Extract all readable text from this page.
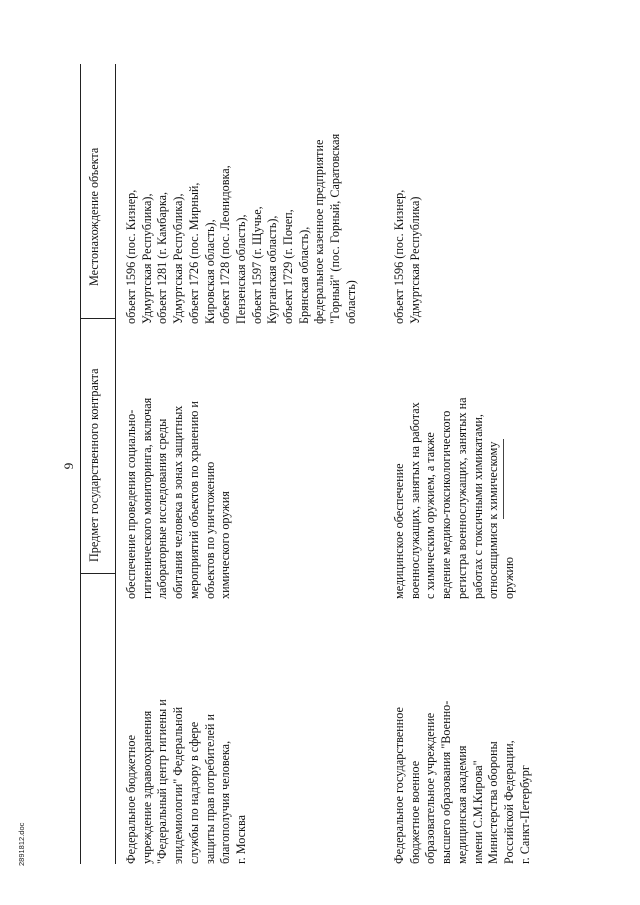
9 Предмет государственного контракта
Местонахождение объекта
Федеральное бюджетное учреждение здравоохранения "Федеральный центр гигиены и эпидемиологии" Федеральной службы по надзору в сфере защиты прав потребителей и благополучия человека, г. Москва
обеспечение проведения социально- гигиенического мониторинга, включая лабораторные исследования среды обитания человека в зонах защитных мероприятий объектов по хранению и объектов по уничтожению химического оружия
объект 1596 (пос. Кизнер, Удмуртская Республика), объект 1281 (г. Камбарка, Удмуртская Республика), объект 1726 (пос. Мирный, Кировская область), объект 1728 (пос. Леонидовка, Пензенская область), объект 1597 (г. Щучье, Курганская область), объект 1729 (г. Почеп, Брянская область), федеральное казенное предприятие "Горный" (пос. Горный, Саратовская область)
Федеральное государственное бюджетное военное образовательное учреждение высшего образования "Военно- медицинская академия имени С.М.Кирова" Министерства обороны Российской Федерации, г. Санкт-Петербург
медицинское обеспечение военнослужащих, занятых на работах с химическим оружием, а также ведение медико-токсикологического регистра военнослужащих, занятых на работах с токсичными химикатами, относящимися к химическому оружию
объект 1596 (пос. Кизнер, Удмуртская Республика)
2891812.doc
